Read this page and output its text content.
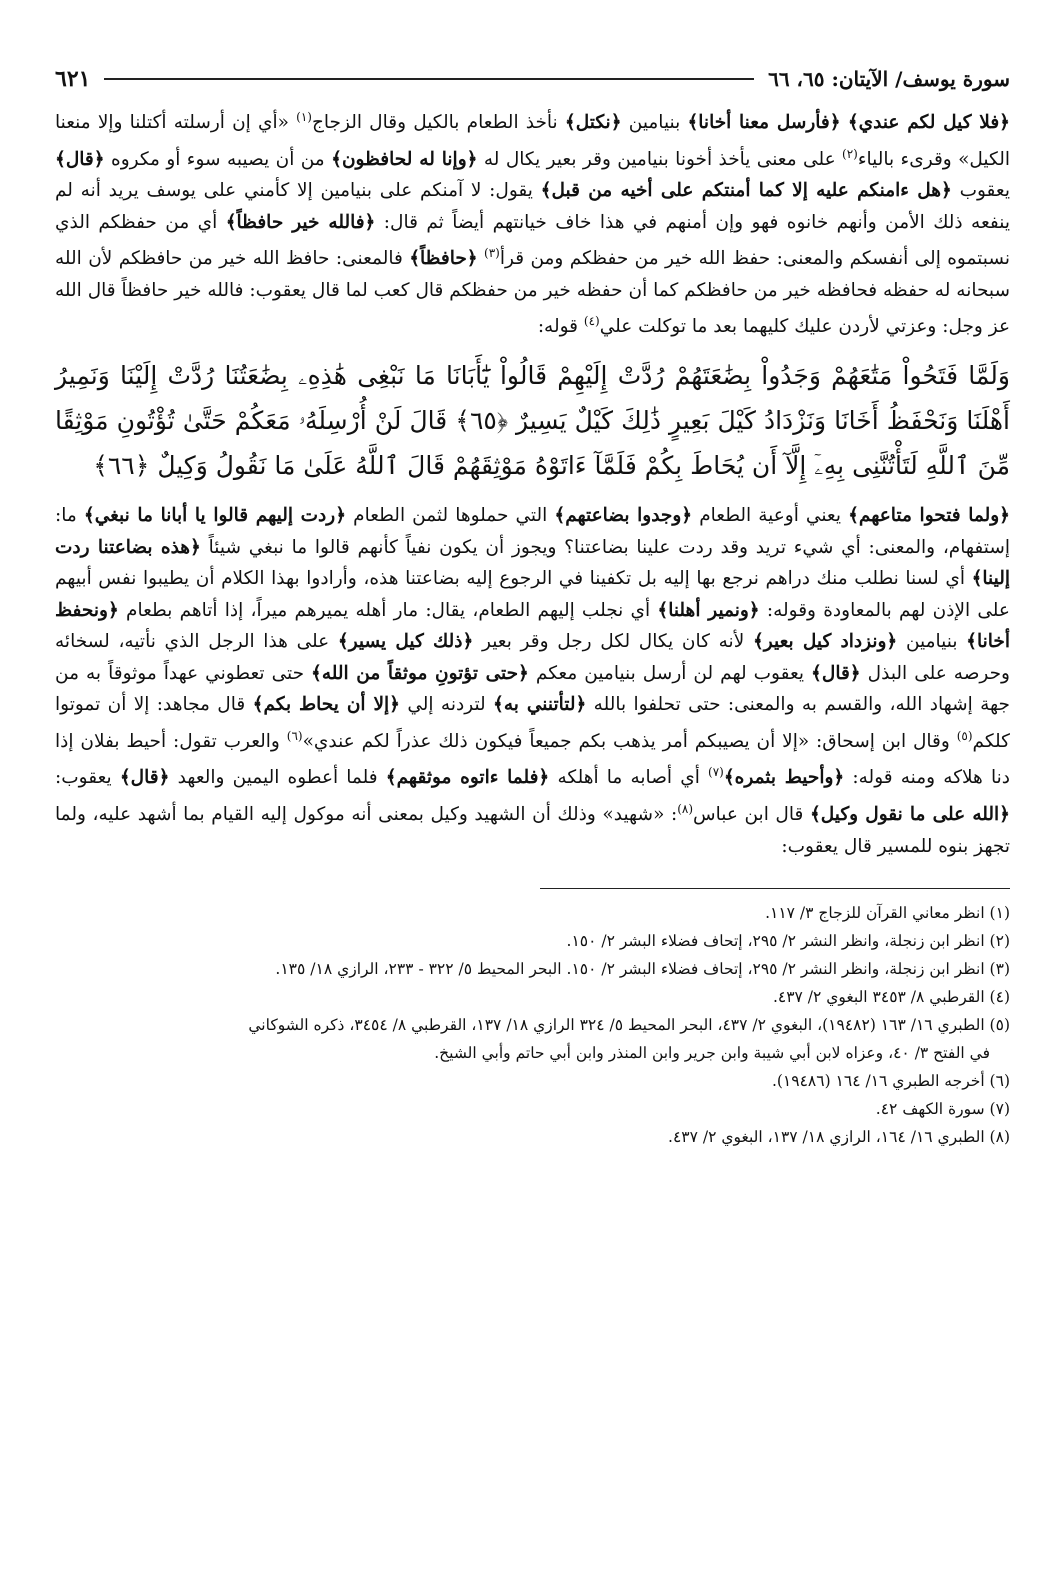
سورة يوسف/ الآيتان: ٦٥، ٦٦
٦٢١

﴿فلا كيل لكم عندي﴾ ﴿فأرسل معنا أخانا﴾ بنيامين ﴿نكتل﴾ نأخذ الطعام بالكيل وقال الزجاج$^{(١)}$ «أي إن أرسلته أكتلنا وإلا منعنا الكيل» وقرىء بالياء$^{(٢)}$ على معنى يأخذ أخونا بنيامين وقر بعير يكال له ﴿وإنا له لحافظون﴾ من أن يصيبه سوء أو مكروه ﴿قال﴾ يعقوب ﴿هل ءامنكم عليه إلا كما أمنتكم على أخيه من قبل﴾ يقول: لا آمنكم على بنيامين إلا كأمني على يوسف يريد أنه لم ينفعه ذلك الأمن وأنهم خانوه فهو وإن أمنهم في هذا خاف خيانتهم أيضاً ثم قال: ﴿فالله خير حافظاً﴾ أي من حفظكم الذي نسبتموه إلى أنفسكم والمعنى: حفظ الله خير من حفظكم ومن قرأ$^{(٣)}$ ﴿حافظاً﴾ فالمعنى: حافظ الله خير من حافظكم لأن الله سبحانه له حفظه فحافظه خير من حافظكم كما أن حفظه خير من حفظكم قال كعب لما قال يعقوب: فالله خير حافظاً قال الله عز وجل: وعزتي لأردن عليك كليهما بعد ما توكلت علي$^{(٤)}$ قوله:

وَلَمَّا فَتَحُواْ مَتَٰعَهُمْ وَجَدُواْ بِضَٰعَتَهُمْ رُدَّتْ إِلَيْهِمْ قَالُواْ يَٰٓأَبَانَا مَا نَبْغِى هَٰذِهِۦ بِضَٰعَتُنَا رُدَّتْ إِلَيْنَا وَنَمِيرُ أَهْلَنَا وَنَحْفَظُ أَخَانَا وَنَزْدَادُ كَيْلَ بَعِيرٍ ذَٰلِكَ كَيْلٌ يَسِيرٌ ﴿٦٥﴾ قَالَ لَنْ أُرْسِلَهُۥ مَعَكُمْ حَتَّىٰ تُؤْتُونِ مَوْثِقًا مِّنَ ٱللَّهِ لَتَأْتُنَّنِى بِهِۦٓ إِلَّآ أَن يُحَاطَ بِكُمْ فَلَمَّآ ءَاتَوْهُ مَوْثِقَهُمْ قَالَ ٱللَّهُ عَلَىٰ مَا نَقُولُ وَكِيلٌ ﴿٦٦﴾

﴿ولما فتحوا متاعهم﴾ يعني أوعية الطعام ﴿وجدوا بضاعتهم﴾ التي حملوها لثمن الطعام ﴿ردت إليهم قالوا يا أبانا ما نبغي﴾ ما: إستفهام، والمعنى: أي شيء تريد وقد ردت علينا بضاعتنا؟ ويجوز أن يكون نفياً كأنهم قالوا ما نبغي شيئاً ﴿هذه بضاعتنا ردت إلينا﴾ أي لسنا نطلب منك دراهم نرجع بها إليه بل تكفينا في الرجوع إليه بضاعتنا هذه، وأرادوا بهذا الكلام أن يطيبوا نفس أبيهم على الإذن لهم بالمعاودة وقوله: ﴿ونمير أهلنا﴾ أي نجلب إليهم الطعام، يقال: مار أهله يميرهم ميراً، إذا أتاهم بطعام ﴿ونحفظ أخانا﴾ بنيامين ﴿ونزداد كيل بعير﴾ لأنه كان يكال لكل رجل وقر بعير ﴿ذلك كيل يسير﴾ على هذا الرجل الذي نأتيه، لسخائه وحرصه على البذل ﴿قال﴾ يعقوب لهم لن أرسل بنيامين معكم ﴿حتى تؤتونِ موثقاً من الله﴾ حتى تعطوني عهداً موثوقاً به من جهة إشهاد الله، والقسم به والمعنى: حتى تحلفوا بالله ﴿لتأتنني به﴾ لتردنه إلي ﴿إلا أن يحاط بكم﴾ قال مجاهد: إلا أن تموتوا كلكم$^{(٥)}$ وقال ابن إسحاق: «إلا أن يصيبكم أمر يذهب بكم جميعاً فيكون ذلك عذراً لكم عندي»$^{(٦)}$ والعرب تقول: أحيط بفلان إذا دنا هلاكه ومنه قوله: ﴿وأحيط بثمره﴾$^{(٧)}$ أي أصابه ما أهلكه ﴿فلما ءاتوه موثقهم﴾ فلما أعطوه اليمين والعهد ﴿قال﴾ يعقوب: ﴿الله على ما نقول وكيل﴾ قال ابن عباس$^{(٨)}$: «شهيد» وذلك أن الشهيد وكيل بمعنى أنه موكول إليه القيام بما أشهد عليه، ولما تجهز بنوه للمسير قال يعقوب:

(١) انظر معاني القرآن للزجاج ٣/ ١١٧.

(٢) انظر ابن زنجلة، وانظر النشر ٢/ ٢٩٥، إتحاف فضلاء البشر ٢/ ١٥٠.

(٣) انظر ابن زنجلة، وانظر النشر ٢/ ٢٩٥، إتحاف فضلاء البشر ٢/ ١٥٠. البحر المحيط ٥/ ٣٢٢ - ٢٣٣، الرازي ١٨/ ١٣٥.

(٤) القرطبي ٨/ ٣٤٥٣ البغوي ٢/ ٤٣٧.

(٥) الطبري ١٦/ ١٦٣ (١٩٤٨٢)، البغوي ٢/ ٤٣٧، البحر المحيط ٥/ ٣٢٤ الرازي ١٨/ ١٣٧، القرطبي ٨/ ٣٤٥٤، ذكره الشوكاني

في الفتح ٣/ ٤٠، وعزاه لابن أبي شيبة وابن جرير وابن المنذر وابن أبي حاتم وأبي الشيخ.

(٦) أخرجه الطبري ١٦/ ١٦٤ (١٩٤٨٦).

(٧) سورة الكهف ٤٢.

(٨) الطبري ١٦/ ١٦٤، الرازي ١٨/ ١٣٧، البغوي ٢/ ٤٣٧.
